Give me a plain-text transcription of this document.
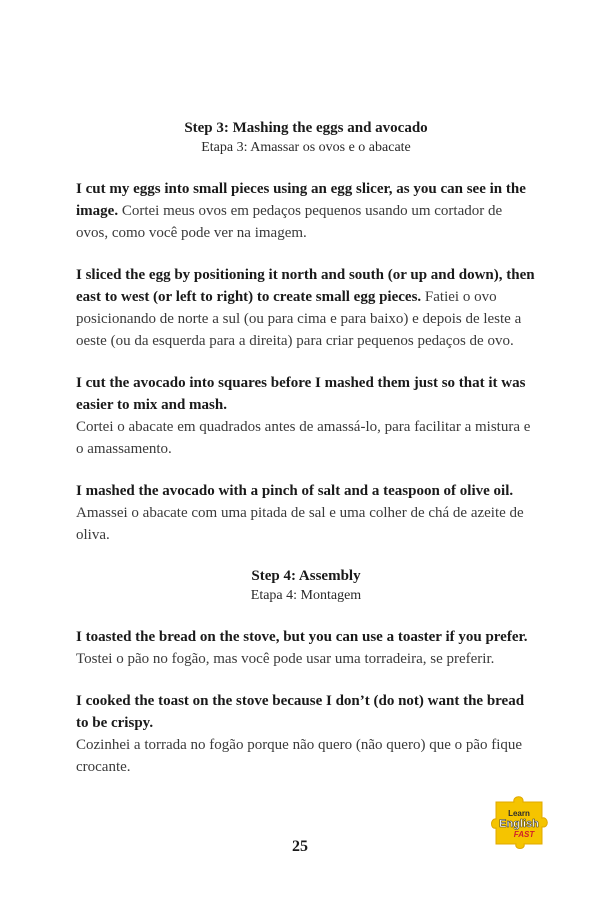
Step 3: Mashing the eggs and avocado
Etapa 3: Amassar os ovos e o abacate
I cut my eggs into small pieces using an egg slicer, as you can see in the image. Cortei meus ovos em pedaços pequenos usando um cortador de ovos, como você pode ver na imagem.
I sliced the egg by positioning it north and south (or up and down), then east to west (or left to right) to create small egg pieces. Fatiei o ovo posicionando de norte a sul (ou para cima e para baixo) e depois de leste a oeste (ou da esquerda para a direita) para criar pequenos pedaços de ovo.
I cut the avocado into squares before I mashed them just so that it was easier to mix and mash.
Cortei o abacate em quadrados antes de amassá-lo, para facilitar a mistura e o amassamento.
I mashed the avocado with a pinch of salt and a teaspoon of olive oil.
Amassei o abacate com uma pitada de sal e uma colher de chá de azeite de oliva.
Step 4: Assembly
Etapa 4: Montagem
I toasted the bread on the stove, but you can use a toaster if you prefer.
Tostei o pão no fogão, mas você pode usar uma torradeira, se preferir.
I cooked the toast on the stove because I don’t (do not) want the bread to be crispy.
Cozinhei a torrada no fogão porque não quero (não quero) que o pão fique crocante.
Learn
English
FAST
25
